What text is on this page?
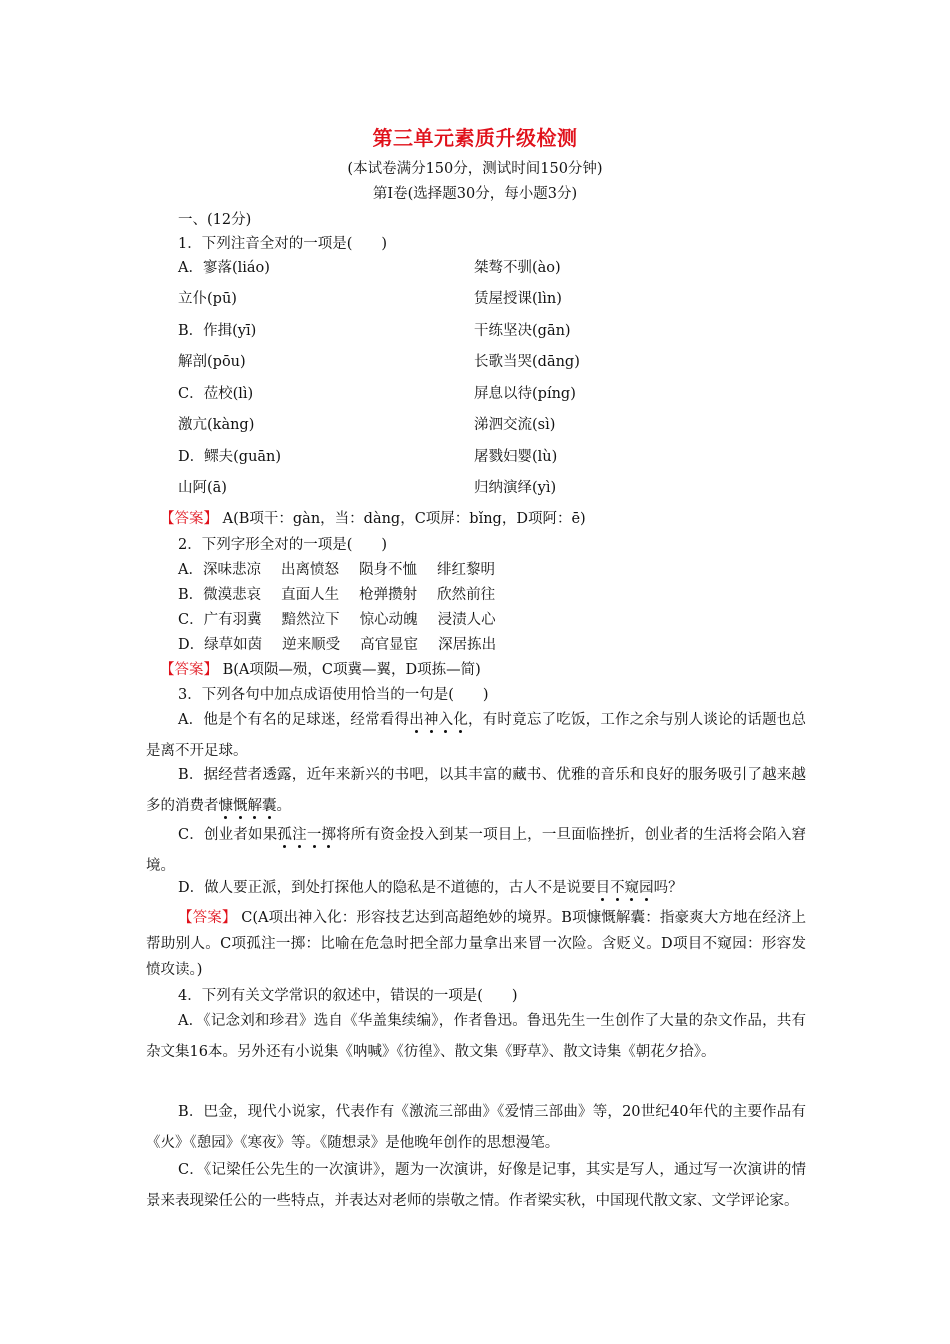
第三单元素质升级检测
(本试卷满分150分，测试时间150分钟)
第Ⅰ卷(选择题30分，每小题3分)
一、(12分)
1．下列注音全对的一项是(　　)
A．寥落(liáo)	桀骜不驯(ào)
立仆(pū)	赁屋授课(lìn)
B．作揖(yī)	干练坚决(gān)
解剖(pōu)	长歌当哭(dāng)
C．莅校(lì)	屏息以待(píng)
激亢(kàng)	涕泗交流(sì)
D．鳏夫(guān)	屠戮妇婴(lù)
山阿(ā)	归纳演绎(yì)
【答案】 A(B项干：gàn，当：dàng，C项屏：bǐng，D项阿：ē)
2．下列字形全对的一项是(　　)
A．深味悲凉 出离愤怒 陨身不恤 绯红黎明
B．微漠悲哀 直面人生 枪弹攒射 欣然前往
C．广有羽冀 黯然泣下 惊心动魄 浸渍人心
D．绿草如茵 逆来顺受 高官显宦 深居拣出
【答案】 B(A项陨—殒，C项冀—翼，D项拣—简)
3．下列各句中加点成语使用恰当的一句是(　　)
A．他是个有名的足球迷，经常看得出神入化，有时竟忘了吃饭，工作之余与别人谈论的话题也总是离不开足球。
B．据经营者透露，近年来新兴的书吧，以其丰富的藏书、优雅的音乐和良好的服务吸引了越来越多的消费者慷慨解囊。
C．创业者如果孤注一掷将所有资金投入到某一项目上，一旦面临挫折，创业者的生活将会陷入窘境。
D．做人要正派，到处打探他人的隐私是不道德的，古人不是说要目不窥园吗？
【答案】 C(A项出神入化：形容技艺达到高超绝妙的境界。B项慷慨解囊：指豪爽大方地在经济上帮助别人。C项孤注一掷：比喻在危急时把全部力量拿出来冒一次险。含贬义。D项目不窥园：形容发愤攻读。)
4．下列有关文学常识的叙述中，错误的一项是(　　)
A．《记念刘和珍君》选自《华盖集续编》，作者鲁迅。鲁迅先生一生创作了大量的杂文作品，共有杂文集16本。另外还有小说集《呐喊》《彷徨》、散文集《野草》、散文诗集《朝花夕拾》。
B．巴金，现代小说家，代表作有《激流三部曲》《爱情三部曲》等，20世纪40年代的主要作品有《火》《憩园》《寒夜》等。《随想录》是他晚年创作的思想漫笔。
C．《记梁任公先生的一次演讲》，题为一次演讲，好像是记事，其实是写人，通过写一次演讲的情景来表现梁任公的一些特点，并表达对老师的崇敬之情。作者梁实秋，中国现代散文家、文学评论家。
